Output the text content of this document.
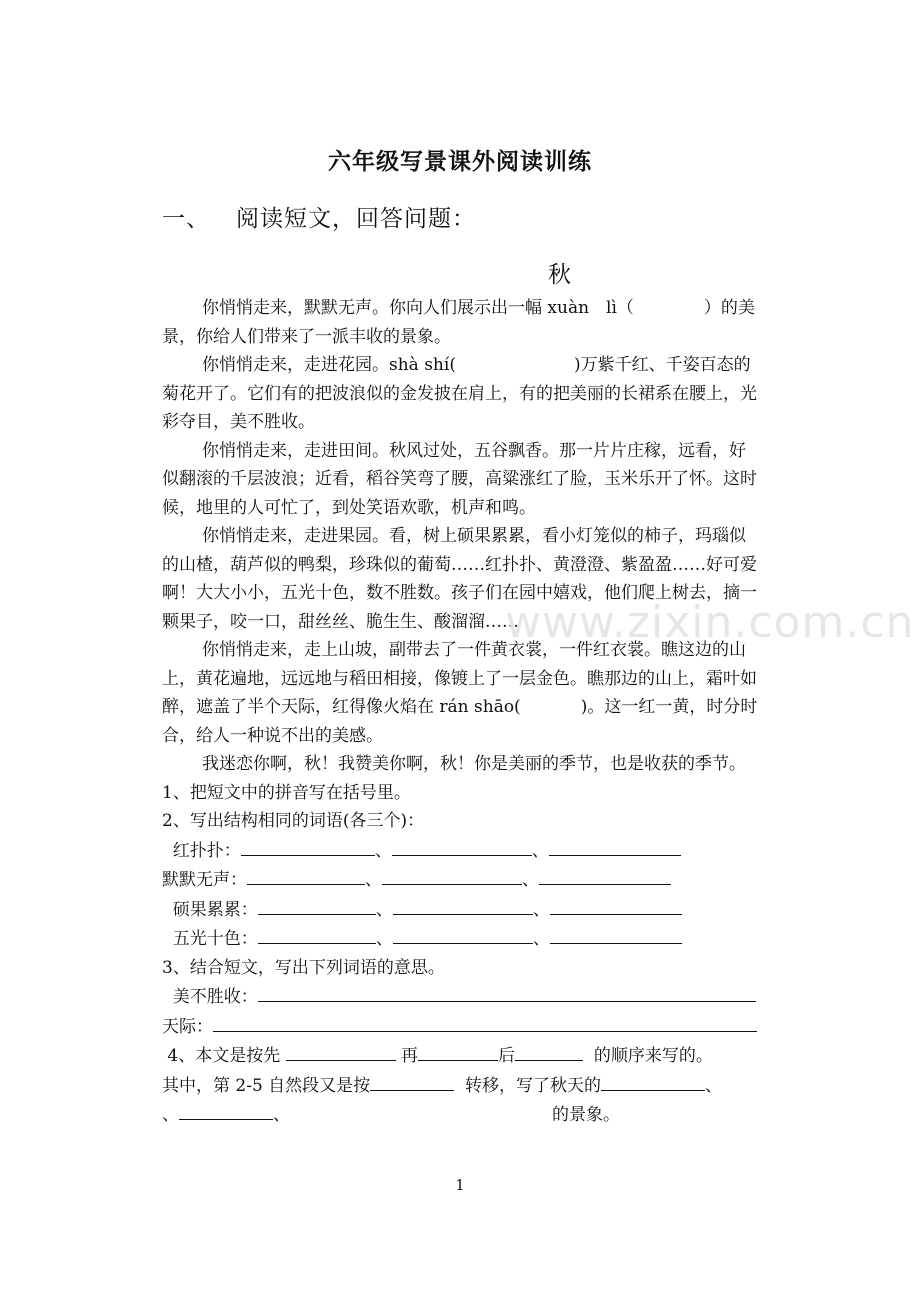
六年级写景课外阅读训练
一、 阅读短文，回答问题：
秋

你悄悄走来，默默无声。你向人们展示出一幅 xuàn　lì（	）的美景，你给人们带来了一派丰收的景象。

你悄悄走来，走进花园。shà shí(	)万紫千红、千姿百态的菊花开了。它们有的把波浪似的金发披在肩上，有的把美丽的长裙系在腰上，光彩夺目，美不胜收。

你悄悄走来，走进田间。秋风过处，五谷飘香。那一片片庄稼，远看，好似翻滚的千层波浪；近看，稻谷笑弯了腰，高粱涨红了脸，玉米乐开了怀。这时候，地里的人可忙了，到处笑语欢歌，机声和鸣。

你悄悄走来，走进果园。看，树上硕果累累，看小灯笼似的柿子，玛瑙似的山楂，葫芦似的鸭梨，珍珠似的葡萄……红扑扑、黄澄澄、紫盈盈……好可爱啊！大大小小，五光十色，数不胜数。孩子们在园中嬉戏，他们爬上树去，摘一颗果子，咬一口，甜丝丝、脆生生、酸溜溜……

你悄悄走来，走上山坡，副带去了一件黄衣裳，一件红衣裳。瞧这边的山上，黄花遍地，远远地与稻田相接，像镀上了一层金色。瞧那边的山上，霜叶如醉，遮盖了半个天际，红得像火焰在 rán shāo(	)。这一红一黄，时分时合，给人一种说不出的美感。

我迷恋你啊，秋！我赞美你啊，秋！你是美丽的季节，也是收获的季节。

1、把短文中的拼音写在括号里。

2、写出结构相同的词语(各三个)：

红扑扑：	、	、

默默无声：	、	、

硕果累累：	、	、

五光十色：	、	、

3、结合短文，写出下列词语的意思。

美不胜收：

天际：

4、本文是按先	再	后	的顺序来写的。

其中，第 2-5 自然段又是按	转移，写了秋天的	、

、	、	的景象。

www.zixin.com.cn
1
